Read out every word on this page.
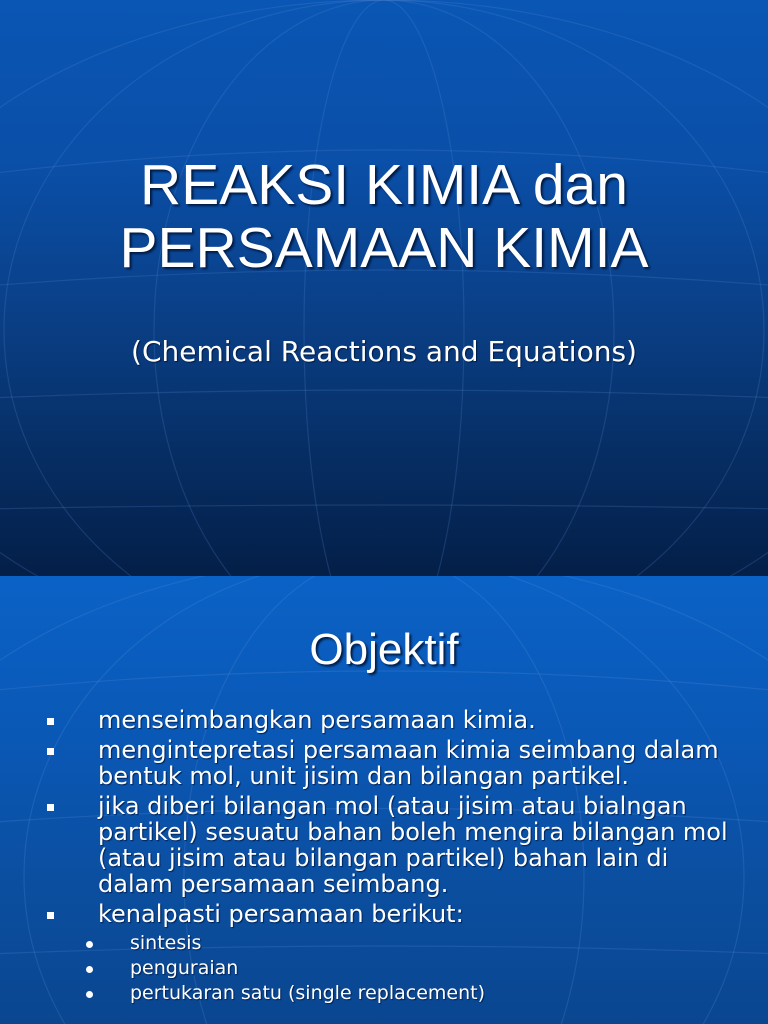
REAKSI KIMIA dan
PERSAMAAN KIMIA
(Chemical Reactions and Equations)
Objektif
menseimbangkan persamaan kimia.
mengintepretasi persamaan kimia seimbang dalam bentuk mol, unit jisim dan bilangan partikel.
jika diberi bilangan mol (atau jisim atau bialngan partikel) sesuatu bahan boleh mengira bilangan mol (atau jisim atau bilangan partikel) bahan lain di dalam persamaan seimbang.
kenalpasti persamaan berikut:
sintesis
penguraian
pertukaran satu (single replacement)
